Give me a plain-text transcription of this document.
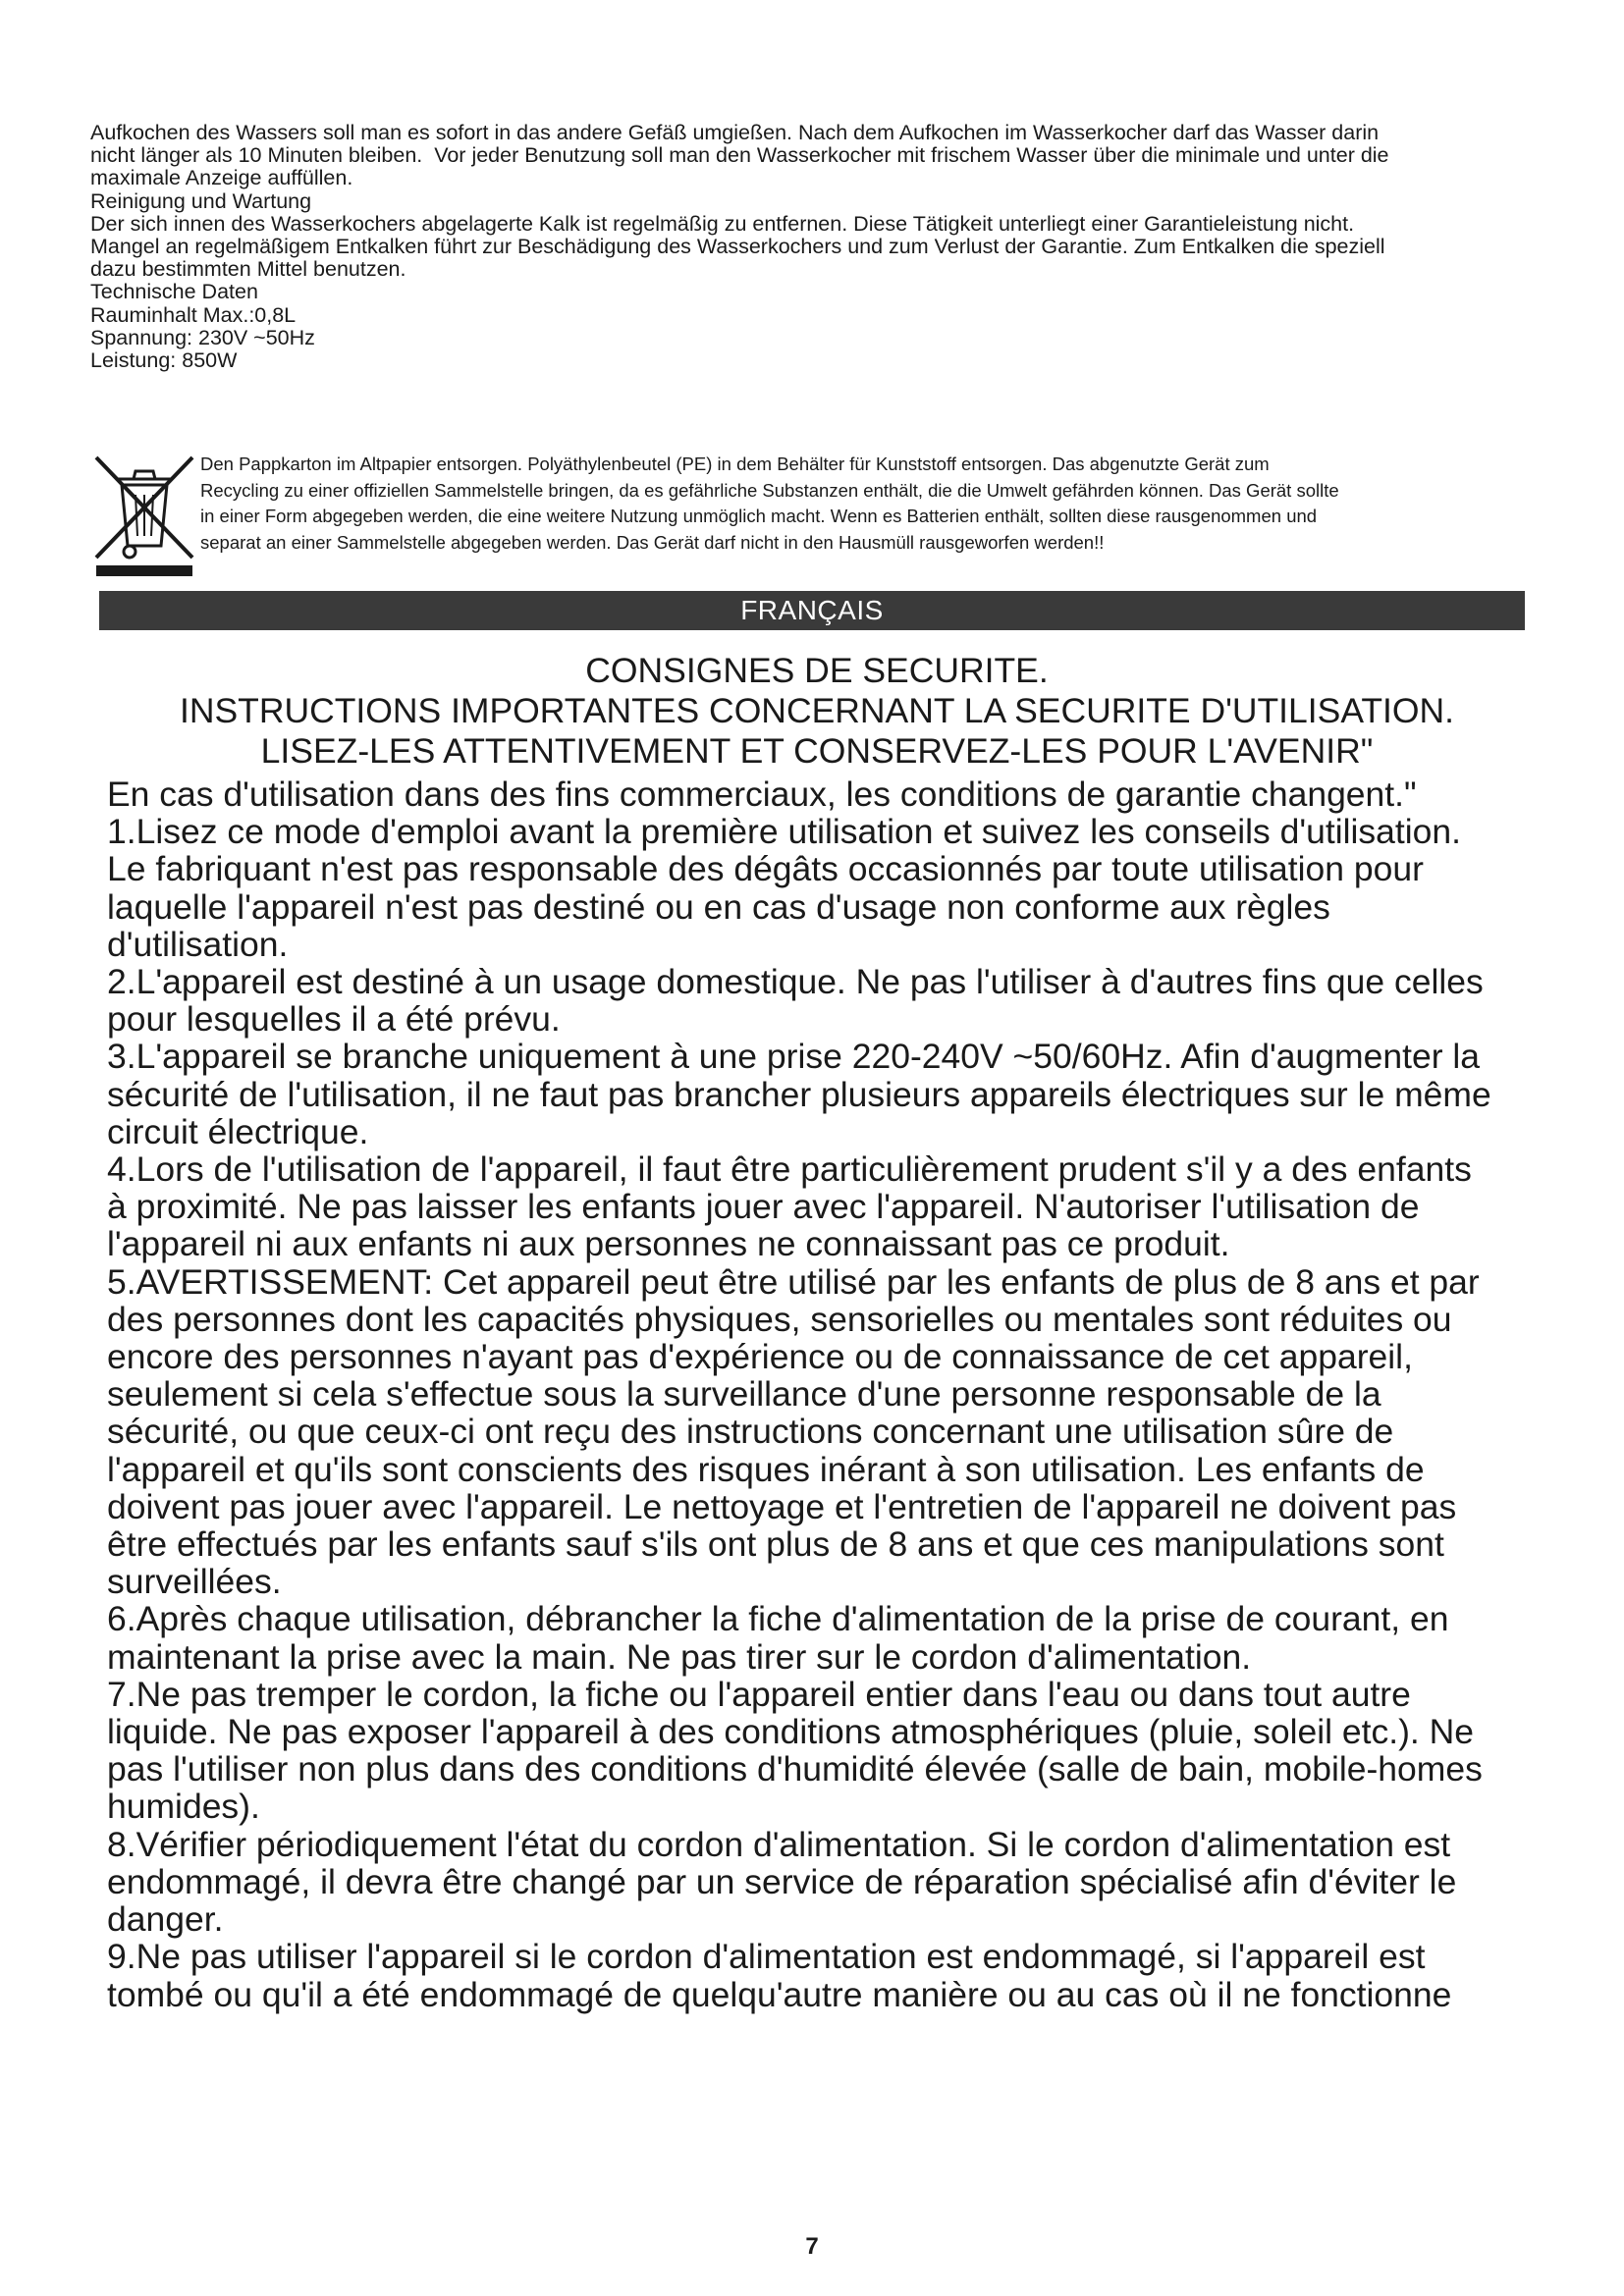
Aufkochen des Wassers soll man es sofort in das andere Gefäß umgießen. Nach dem Aufkochen im Wasserkocher darf das Wasser darin
nicht länger als 10 Minuten bleiben.  Vor jeder Benutzung soll man den Wasserkocher mit frischem Wasser über die minimale und unter die
maximale Anzeige auffüllen.
Reinigung und Wartung
Der sich innen des Wasserkochers abgelagerte Kalk ist regelmäßig zu entfernen. Diese Tätigkeit unterliegt einer Garantieleistung nicht.
Mangel an regelmäßigem Entkalken führt zur Beschädigung des Wasserkochers und zum Verlust der Garantie. Zum Entkalken die speziell
dazu bestimmten Mittel benutzen.
Technische Daten
Rauminhalt Max.:0,8L
Spannung: 230V ~50Hz
Leistung: 850W
Den Pappkarton im Altpapier entsorgen. Polyäthylenbeutel (PE) in dem Behälter für Kunststoff entsorgen. Das abgenutzte Gerät zum
Recycling zu einer offiziellen Sammelstelle bringen, da es gefährliche Substanzen enthält, die die Umwelt gefährden können. Das Gerät sollte
in einer Form abgegeben werden, die eine weitere Nutzung unmöglich macht. Wenn es Batterien enthält, sollten diese rausgenommen und
separat an einer Sammelstelle abgegeben werden. Das Gerät darf nicht in den Hausmüll rausgeworfen werden!!
FRANÇAIS
CONSIGNES DE SECURITE.
INSTRUCTIONS IMPORTANTES CONCERNANT LA SECURITE D'UTILISATION.
LISEZ-LES ATTENTIVEMENT ET CONSERVEZ-LES POUR L'AVENIR"
En cas d'utilisation dans des fins commerciaux, les conditions de garantie changent."
1.Lisez ce mode d'emploi avant la première utilisation et suivez les conseils d'utilisation.
Le fabriquant n'est pas responsable des dégâts occasionnés par toute utilisation pour
laquelle l'appareil n'est pas destiné ou en cas d'usage non conforme aux règles
d'utilisation.
2.L'appareil est destiné à un usage domestique. Ne pas l'utiliser à d'autres fins que celles
pour lesquelles il a été prévu.
3.L'appareil se branche uniquement à une prise 220-240V ~50/60Hz. Afin d'augmenter la
sécurité de l'utilisation, il ne faut pas brancher plusieurs appareils électriques sur le même
circuit électrique.
4.Lors de l'utilisation de l'appareil, il faut être particulièrement prudent s'il y a des enfants
à proximité. Ne pas laisser les enfants jouer avec l'appareil. N'autoriser l'utilisation de
l'appareil ni aux enfants ni aux personnes ne connaissant pas ce produit.
5.AVERTISSEMENT: Cet appareil peut être utilisé par les enfants de plus de 8 ans et par
des personnes dont les capacités physiques, sensorielles ou mentales sont réduites ou
encore des personnes n'ayant pas d'expérience ou de connaissance de cet appareil,
seulement si cela s'effectue sous la surveillance d'une personne responsable de la
sécurité, ou que ceux-ci ont reçu des instructions concernant une utilisation sûre de
l'appareil et qu'ils sont conscients des risques inérant à son utilisation. Les enfants de
doivent pas jouer avec l'appareil. Le nettoyage et l'entretien de l'appareil ne doivent pas
être effectués par les enfants sauf s'ils ont plus de 8 ans et que ces manipulations sont
surveillées.
6.Après chaque utilisation, débrancher la fiche d'alimentation de la prise de courant, en
maintenant la prise avec la main. Ne pas tirer sur le cordon d'alimentation.
7.Ne pas tremper le cordon, la fiche ou l'appareil entier dans l'eau ou dans tout autre
liquide. Ne pas exposer l'appareil à des conditions atmosphériques (pluie, soleil etc.). Ne
pas l'utiliser non plus dans des conditions d'humidité élevée (salle de bain, mobile-homes
humides).
8.Vérifier périodiquement l'état du cordon d'alimentation. Si le cordon d'alimentation est
endommagé, il devra être changé par un service de réparation spécialisé afin d'éviter le
danger.
9.Ne pas utiliser l'appareil si le cordon d'alimentation est endommagé, si l'appareil est
tombé ou qu'il a été endommagé de quelqu'autre manière ou au cas où il ne fonctionne
7
